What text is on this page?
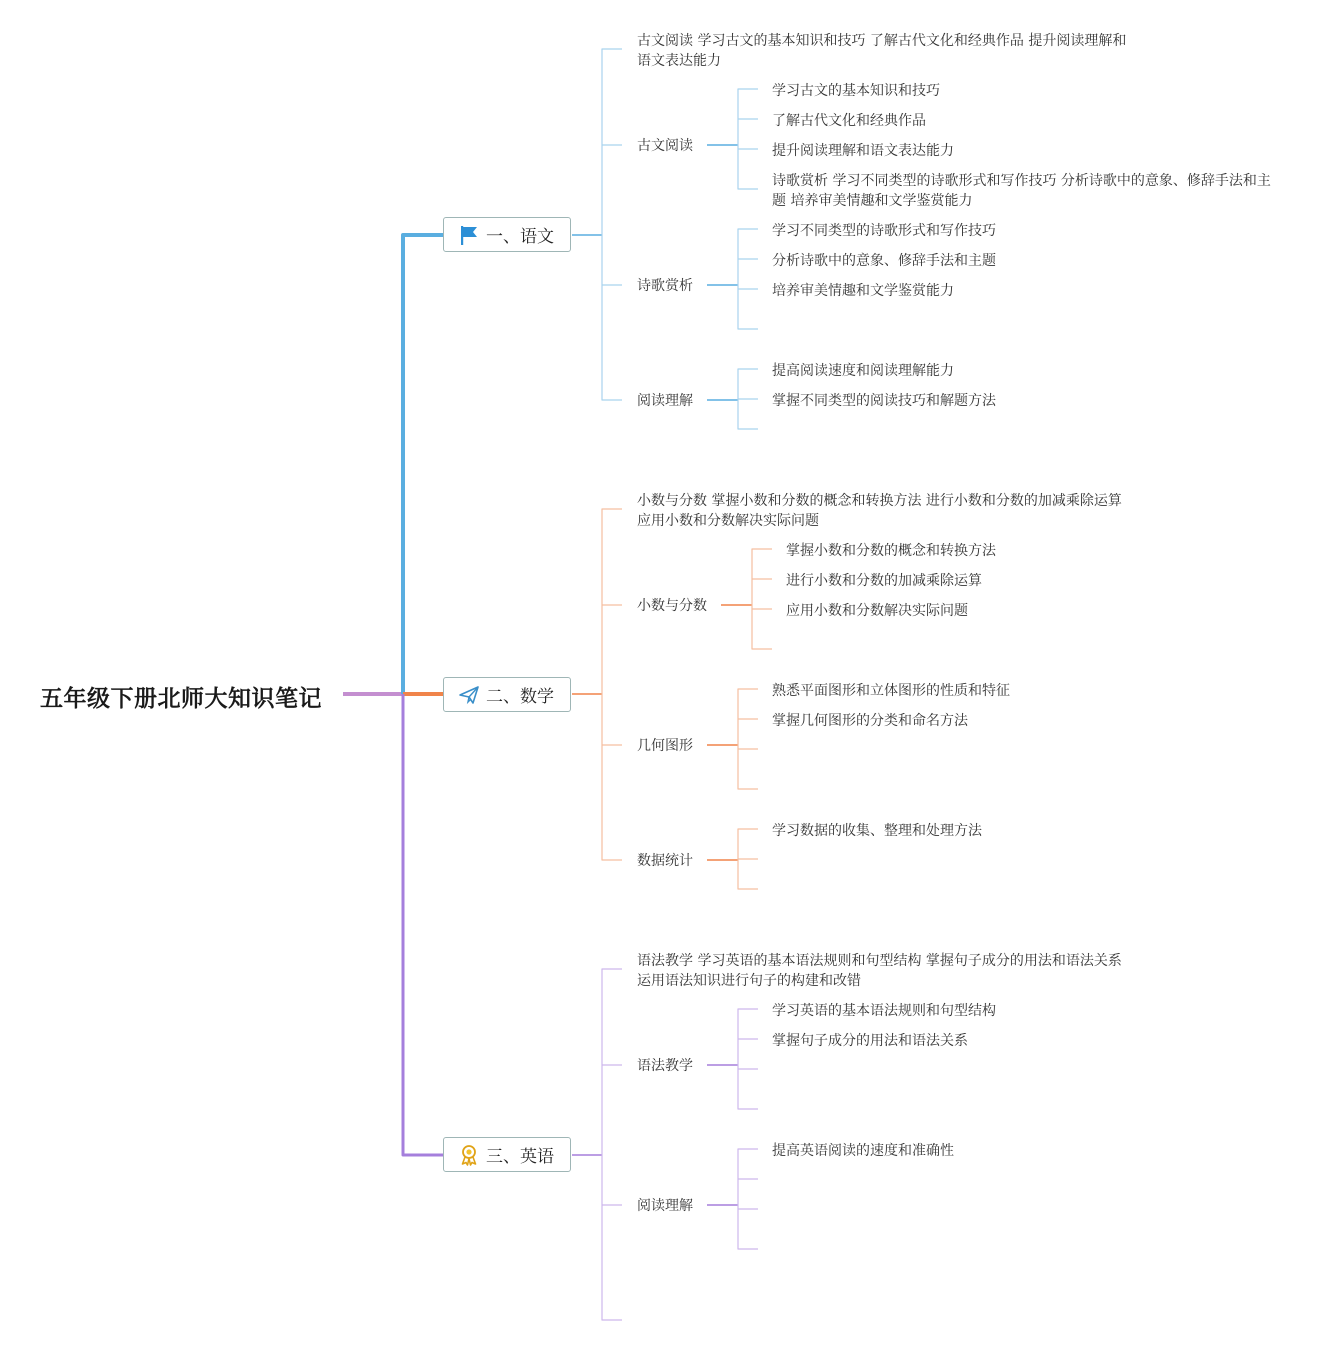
五年级下册北师大知识笔记
一、语文
古文阅读 学习古文的基本知识和技巧 了解古代文化和经典作品 提升阅读理解和
语文表达能力
古文阅读
学习古文的基本知识和技巧
了解古代文化和经典作品
提升阅读理解和语文表达能力
诗歌赏析 学习不同类型的诗歌形式和写作技巧 分析诗歌中的意象、修辞手法和主
题 培养审美情趣和文学鉴赏能力
诗歌赏析
学习不同类型的诗歌形式和写作技巧
分析诗歌中的意象、修辞手法和主题
培养审美情趣和文学鉴赏能力
阅读理解
提高阅读速度和阅读理解能力
掌握不同类型的阅读技巧和解题方法
二、数学
小数与分数 掌握小数和分数的概念和转换方法 进行小数和分数的加减乘除运算
应用小数和分数解决实际问题
小数与分数
掌握小数和分数的概念和转换方法
进行小数和分数的加减乘除运算
应用小数和分数解决实际问题
几何图形
熟悉平面图形和立体图形的性质和特征
掌握几何图形的分类和命名方法
数据统计
学习数据的收集、整理和处理方法
三、英语
语法教学 学习英语的基本语法规则和句型结构 掌握句子成分的用法和语法关系
运用语法知识进行句子的构建和改错
语法教学
学习英语的基本语法规则和句型结构
掌握句子成分的用法和语法关系
阅读理解
提高英语阅读的速度和准确性
